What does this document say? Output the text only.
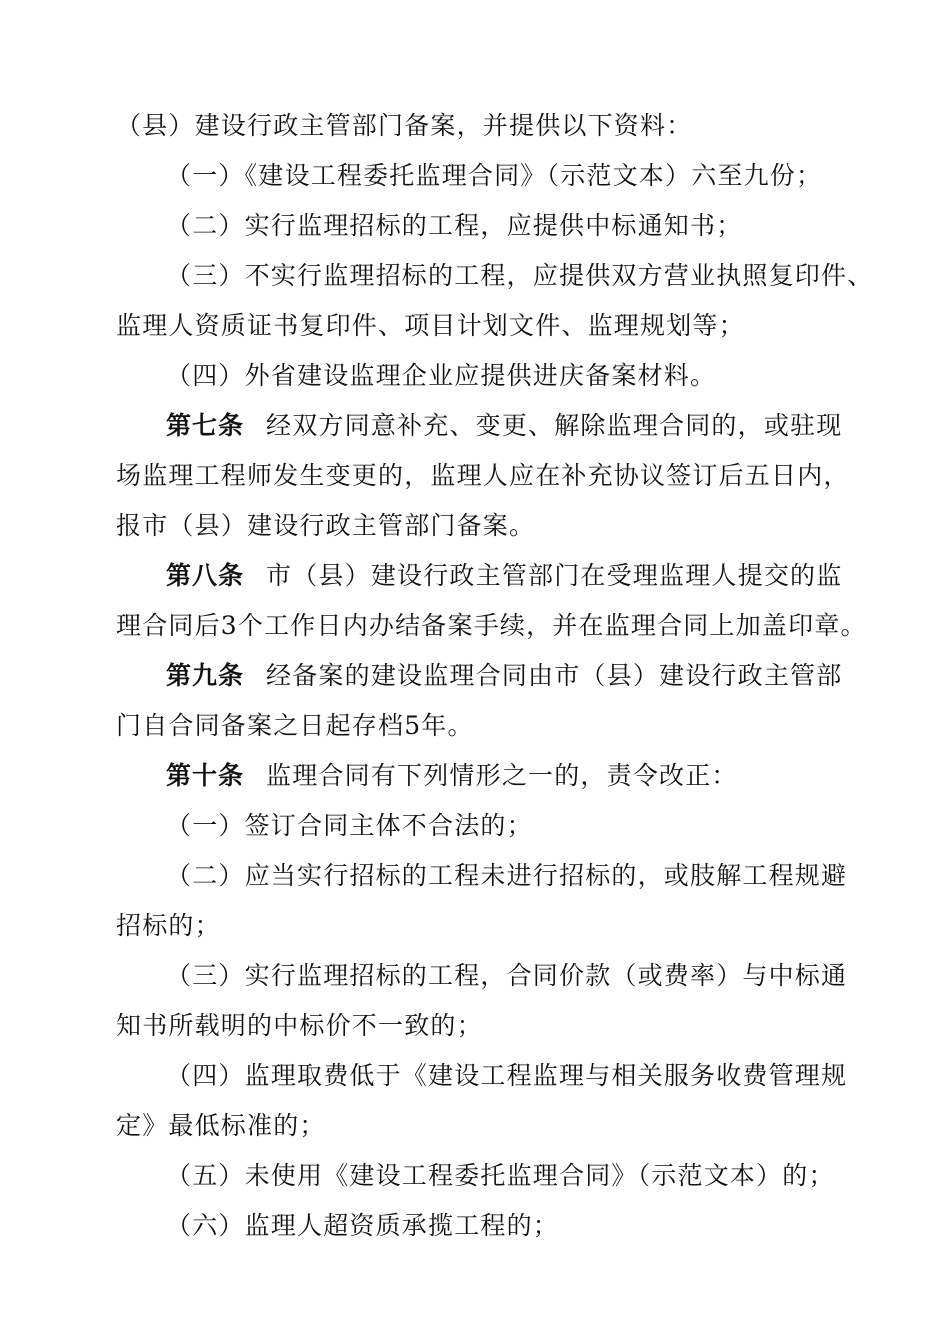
（县）建设行政主管部门备案，并提供以下资料：
（一）《建设工程委托监理合同》（示范文本）六至九份；
（二）实行监理招标的工程，应提供中标通知书；
（三）不实行监理招标的工程，应提供双方营业执照复印件、
监理人资质证书复印件、项目计划文件、监理规划等；
（四）外省建设监理企业应提供进庆备案材料。
第七条 经双方同意补充、变更、解除监理合同的，或驻现
场监理工程师发生变更的，监理人应在补充协议签订后五日内，
报市（县）建设行政主管部门备案。
第八条 市（县）建设行政主管部门在受理监理人提交的监
理合同后3个工作日内办结备案手续，并在监理合同上加盖印章。
第九条 经备案的建设监理合同由市（县）建设行政主管部
门自合同备案之日起存档5年。
第十条 监理合同有下列情形之一的，责令改正：
（一）签订合同主体不合法的；
（二）应当实行招标的工程未进行招标的，或肢解工程规避
招标的；
（三）实行监理招标的工程，合同价款（或费率）与中标通
知书所载明的中标价不一致的；
（四）监理取费低于《建设工程监理与相关服务收费管理规
定》最低标准的；
（五）未使用《建设工程委托监理合同》（示范文本）的；
（六）监理人超资质承揽工程的；
